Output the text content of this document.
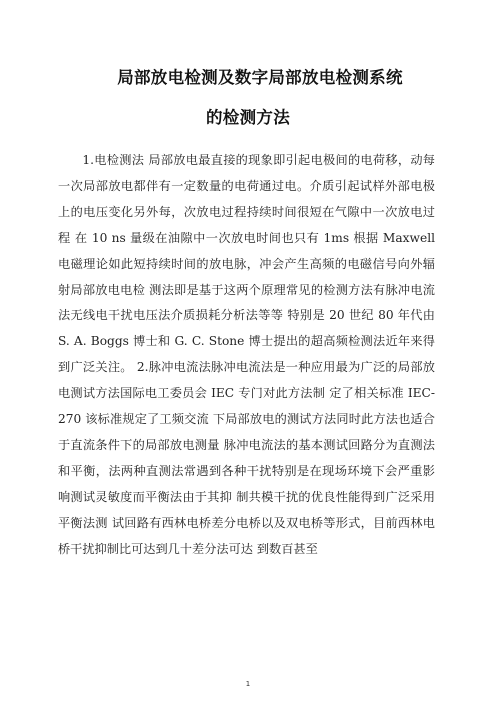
局部放电检测及数字局部放电检测系统
的检测方法

1.电检测法 局部放电最直接的现象即引起电极间的电荷移，动每一次局部放电都伴有一定数量的电荷通过电。介质引起试样外部电极上的电压变化另外每，次放电过程持续时间很短在气隙中一次放电过程 在 10 ns 量级在油隙中一次放电时间也只有 1ms 根据 Maxwell 电磁理论如此短持续时间的放电脉，冲会产生高频的电磁信号向外辐射局部放电电检 测法即是基于这两个原理常见的检测方法有脉冲电流法无线电干扰电压法介质损耗分析法等等 特别是 20 世纪 80 年代由 S. A. Boggs 博士和 G. C. Stone 博士提出的超高频检测法近年来得到广泛关注。 2.脉冲电流法脉冲电流法是一种应用最为广泛的局部放电测试方法国际电工委员会 IEC 专门对此方法制 定了相关标准 IEC-270 该标准规定了工频交流 下局部放电的测试方法同时此方法也适合于直流条件下的局部放电测量 脉冲电流法的基本测试回路分为直测法和平衡，法两种直测法常遇到各种干扰特别是在现场环境下会严重影响测试灵敏度而平衡法由于其抑 制共模干扰的优良性能得到广泛采用平衡法测 试回路有西林电桥差分电桥以及双电桥等形式，目前西林电桥干扰抑制比可达到几十差分法可达 到数百甚至

1
